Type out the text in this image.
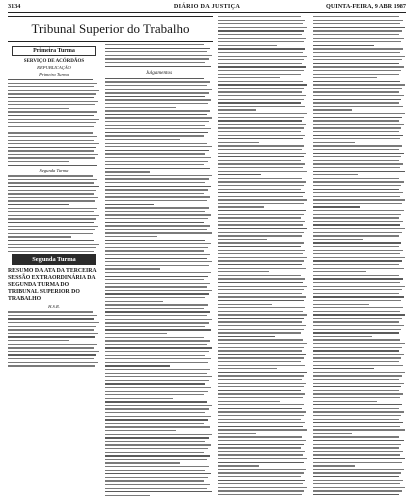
3134	DIÁRIO DA JUSTIÇA	QUINTA-FEIRA, 9 ABR 1987
Tribunal Superior do Trabalho
Primeira Turma
SERVIÇO DE ACÓRDÃOS
REPUBLICAÇÃO
Primeira Turma
Segunda Turma
Segunda Turma
RESUMO DA ATA DA TERCEIRA SESSÃO EXTRAORDINÁRIA DA SEGUNDA TURMA DO TRIBUNAL SUPERIOR DO TRABALHO
H.S.R.
Julgamentos
